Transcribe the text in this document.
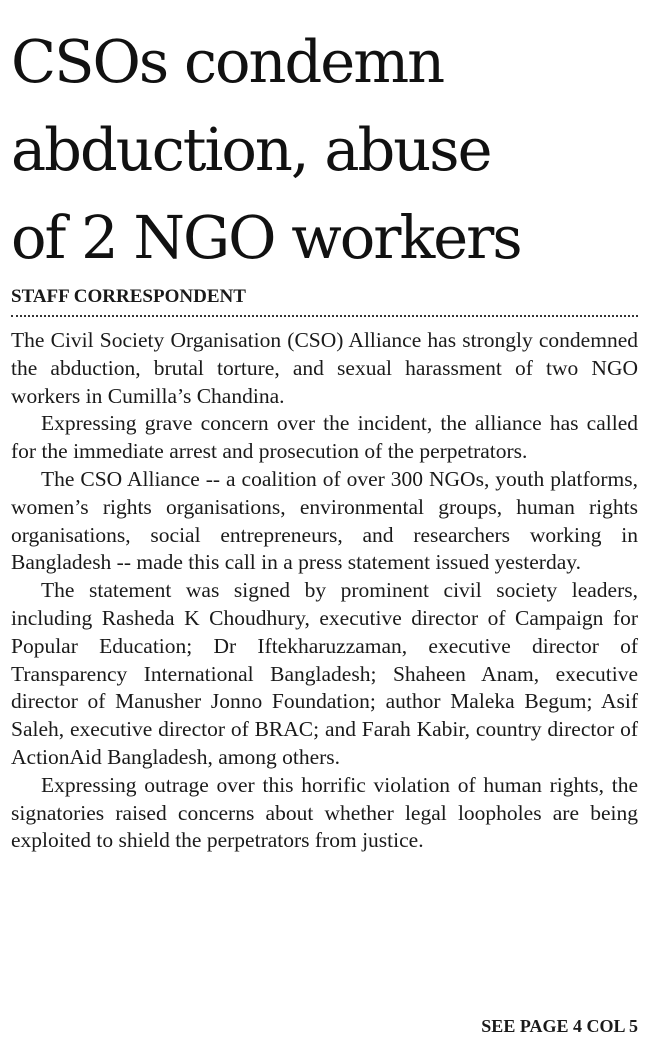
CSOs condemn
abduction, abuse
of 2 NGO workers
STAFF CORRESPONDENT

The Civil Society Organisation (CSO) Alliance has strongly condemned the abduction, brutal torture, and sexual harassment of two NGO workers in Cumilla’s Chandina.

Expressing grave concern over the incident, the alliance has called for the immediate arrest and prosecution of the perpetrators.

The CSO Alliance -- a coalition of over 300 NGOs, youth platforms, women’s rights organisations, environmental groups, human rights organisations, social entrepreneurs, and researchers working in Bangladesh -- made this call in a press statement issued yesterday.

The statement was signed by prominent civil society leaders, including Rasheda K Choudhury, executive director of Campaign for Popular Education; Dr Iftekharuzzaman, executive director of Transparency International Bangladesh; Shaheen Anam, executive director of Manusher Jonno Foundation; author Maleka Begum; Asif Saleh, executive director of BRAC; and Farah Kabir, country director of ActionAid Bangladesh, among others.

Expressing outrage over this horrific violation of human rights, the signatories raised concerns about whether legal loopholes are being exploited to shield the perpetrators from justice.

SEE PAGE 4 COL 5
